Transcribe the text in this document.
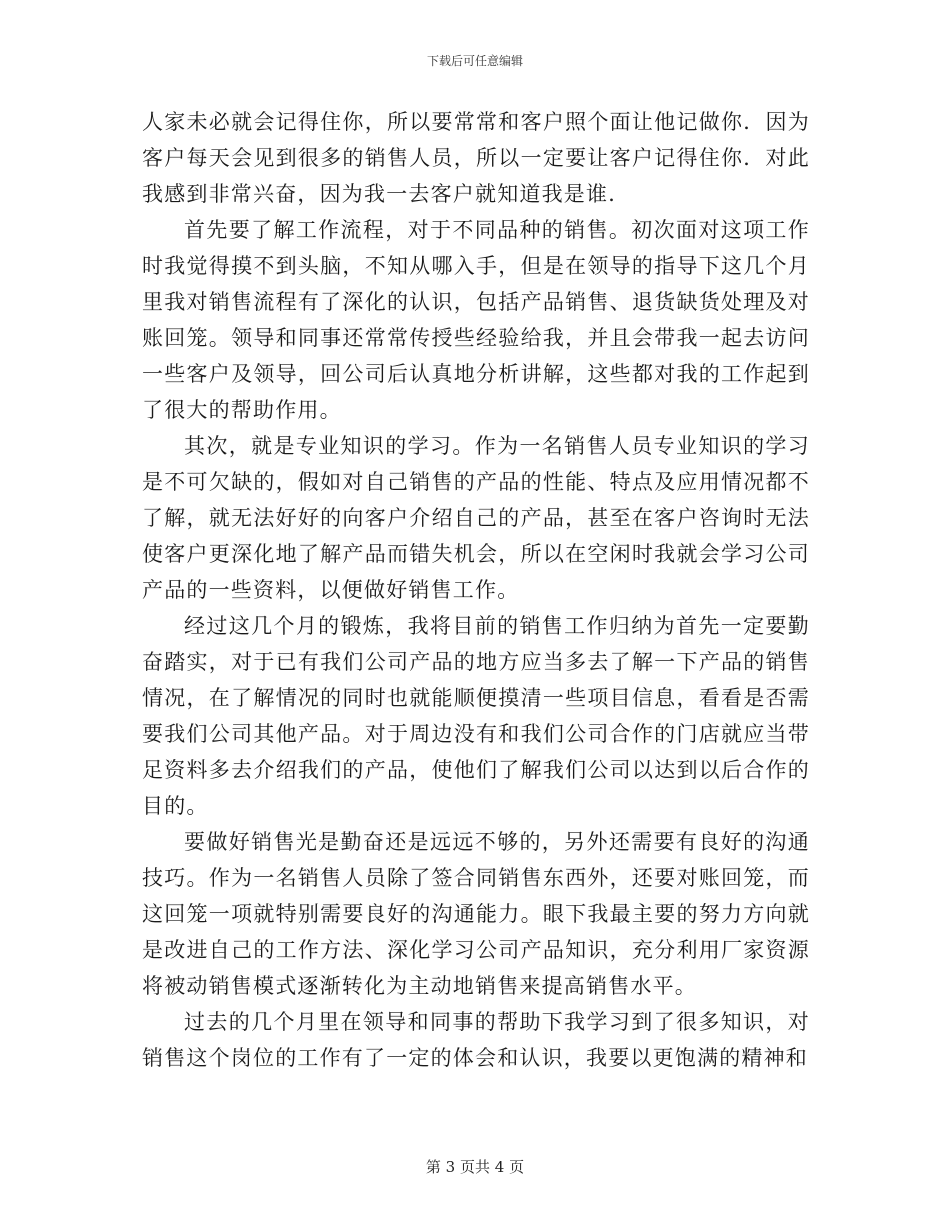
下载后可任意编辑

人家未必就会记得住你，所以要常常和客户照个面让他记做你．因为客户每天会见到很多的销售人员，所以一定要让客户记得住你．对此我感到非常兴奋，因为我一去客户就知道我是谁．

首先要了解工作流程，对于不同品种的销售。初次面对这项工作时我觉得摸不到头脑，不知从哪入手，但是在领导的指导下这几个月里我对销售流程有了深化的认识，包括产品销售、退货缺货处理及对账回笼。领导和同事还常常传授些经验给我，并且会带我一起去访问一些客户及领导，回公司后认真地分析讲解，这些都对我的工作起到了很大的帮助作用。

其次，就是专业知识的学习。作为一名销售人员专业知识的学习是不可欠缺的，假如对自己销售的产品的性能、特点及应用情况都不了解，就无法好好的向客户介绍自己的产品，甚至在客户咨询时无法使客户更深化地了解产品而错失机会，所以在空闲时我就会学习公司产品的一些资料，以便做好销售工作。

经过这几个月的锻炼，我将目前的销售工作归纳为首先一定要勤奋踏实，对于已有我们公司产品的地方应当多去了解一下产品的销售情况，在了解情况的同时也就能顺便摸清一些项目信息，看看是否需要我们公司其他产品。对于周边没有和我们公司合作的门店就应当带足资料多去介绍我们的产品，使他们了解我们公司以达到以后合作的目的。

要做好销售光是勤奋还是远远不够的，另外还需要有良好的沟通技巧。作为一名销售人员除了签合同销售东西外，还要对账回笼，而这回笼一项就特别需要良好的沟通能力。眼下我最主要的努力方向就是改进自己的工作方法、深化学习公司产品知识，充分利用厂家资源将被动销售模式逐渐转化为主动地销售来提高销售水平。

过去的几个月里在领导和同事的帮助下我学习到了很多知识，对销售这个岗位的工作有了一定的体会和认识，我要以更饱满的精神和

第 3 页共 4 页
